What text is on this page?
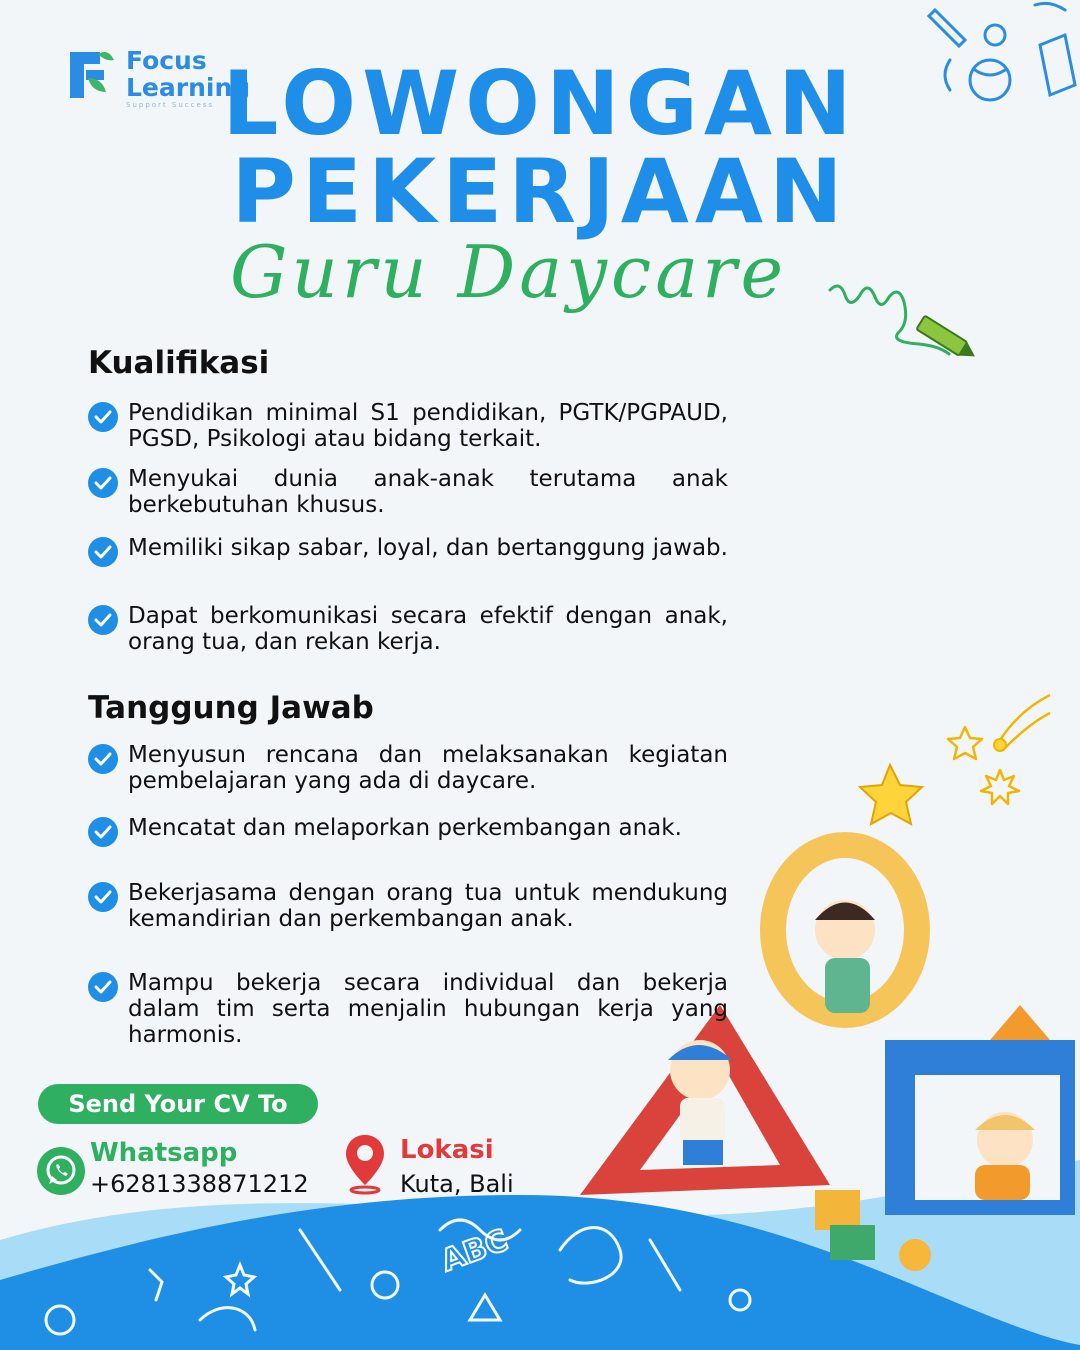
ABC
Focus
Learning
Support Success LOWONGAN
PEKERJAAN
Guru Daycare
Kualifikasi
Pendidikan minimal S1 pendidikan, PGTK/PGPAUD, PGSD, Psikologi atau bidang terkait.
Menyukai dunia anak-anak terutama anak berkebutuhan khusus.
Memiliki sikap sabar, loyal, dan bertanggung jawab.
Dapat berkomunikasi secara efektif dengan anak, orang tua, dan rekan kerja.
Tanggung Jawab
Menyusun rencana dan melaksanakan kegiatan pembelajaran yang ada di daycare.
Mencatat dan melaporkan perkembangan anak.
Bekerjasama dengan orang tua untuk mendukung kemandirian dan perkembangan anak.
Mampu bekerja secara individual dan bekerja dalam tim serta menjalin hubungan kerja yang harmonis.
Send Your CV To
Whatsapp
+6281338871212
Lokasi
Kuta, Bali
